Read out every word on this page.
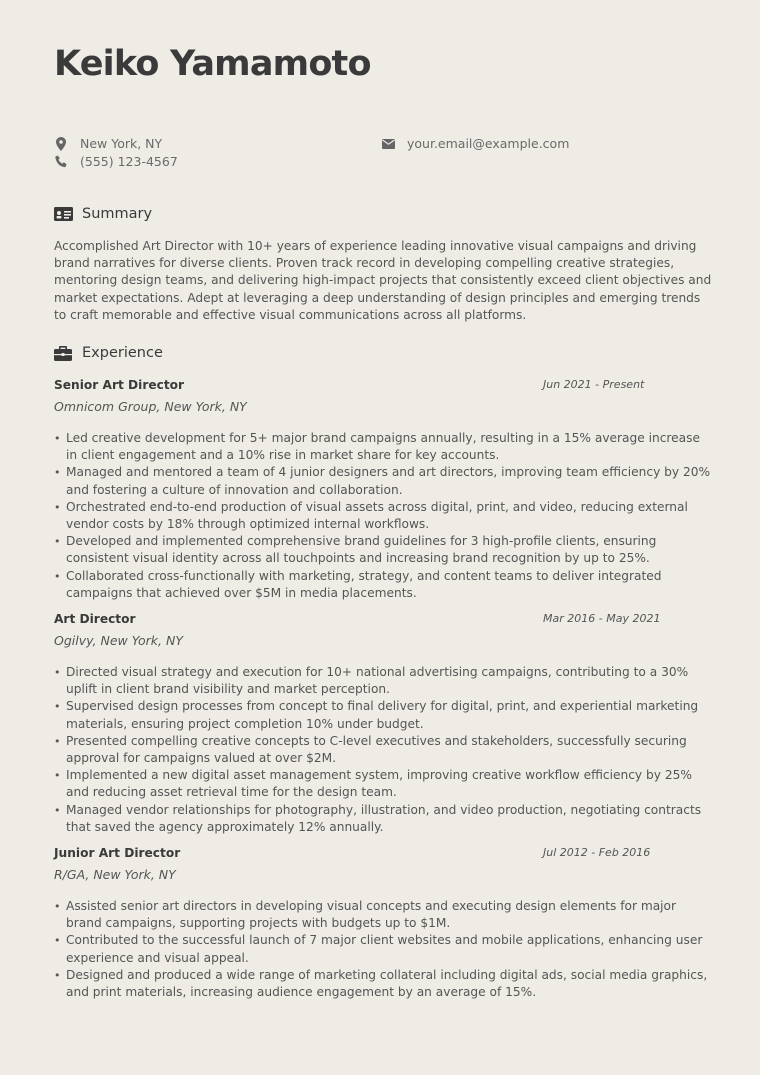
Keiko Yamamoto
New York, NY
(555) 123-4567
your.email@example.com
Summary

Accomplished Art Director with 10+ years of experience leading innovative visual campaigns and driving brand narratives for diverse clients. Proven track record in developing compelling creative strategies, mentoring design teams, and delivering high-impact projects that consistently exceed client objectives and market expectations. Adept at leveraging a deep understanding of design principles and emerging trends to craft memorable and effective visual communications across all platforms.

Experience
Senior Art Director	Jun 2021 - Present
Omnicom Group, New York, NY
• Led creative development for 5+ major brand campaigns annually, resulting in a 15% average increase in client engagement and a 10% rise in market share for key accounts.
• Managed and mentored a team of 4 junior designers and art directors, improving team efficiency by 20% and fostering a culture of innovation and collaboration.
• Orchestrated end-to-end production of visual assets across digital, print, and video, reducing external vendor costs by 18% through optimized internal workflows.
• Developed and implemented comprehensive brand guidelines for 3 high-profile clients, ensuring consistent visual identity across all touchpoints and increasing brand recognition by up to 25%.
• Collaborated cross-functionally with marketing, strategy, and content teams to deliver integrated campaigns that achieved over $5M in media placements.
Art Director	Mar 2016 - May 2021
Ogilvy, New York, NY
• Directed visual strategy and execution for 10+ national advertising campaigns, contributing to a 30% uplift in client brand visibility and market perception.
• Supervised design processes from concept to final delivery for digital, print, and experiential marketing materials, ensuring project completion 10% under budget.
• Presented compelling creative concepts to C-level executives and stakeholders, successfully securing approval for campaigns valued at over $2M.
• Implemented a new digital asset management system, improving creative workflow efficiency by 25% and reducing asset retrieval time for the design team.
• Managed vendor relationships for photography, illustration, and video production, negotiating contracts that saved the agency approximately 12% annually.
Junior Art Director	Jul 2012 - Feb 2016
R/GA, New York, NY
• Assisted senior art directors in developing visual concepts and executing design elements for major brand campaigns, supporting projects with budgets up to $1M.
• Contributed to the successful launch of 7 major client websites and mobile applications, enhancing user experience and visual appeal.
• Designed and produced a wide range of marketing collateral including digital ads, social media graphics, and print materials, increasing audience engagement by an average of 15%.
